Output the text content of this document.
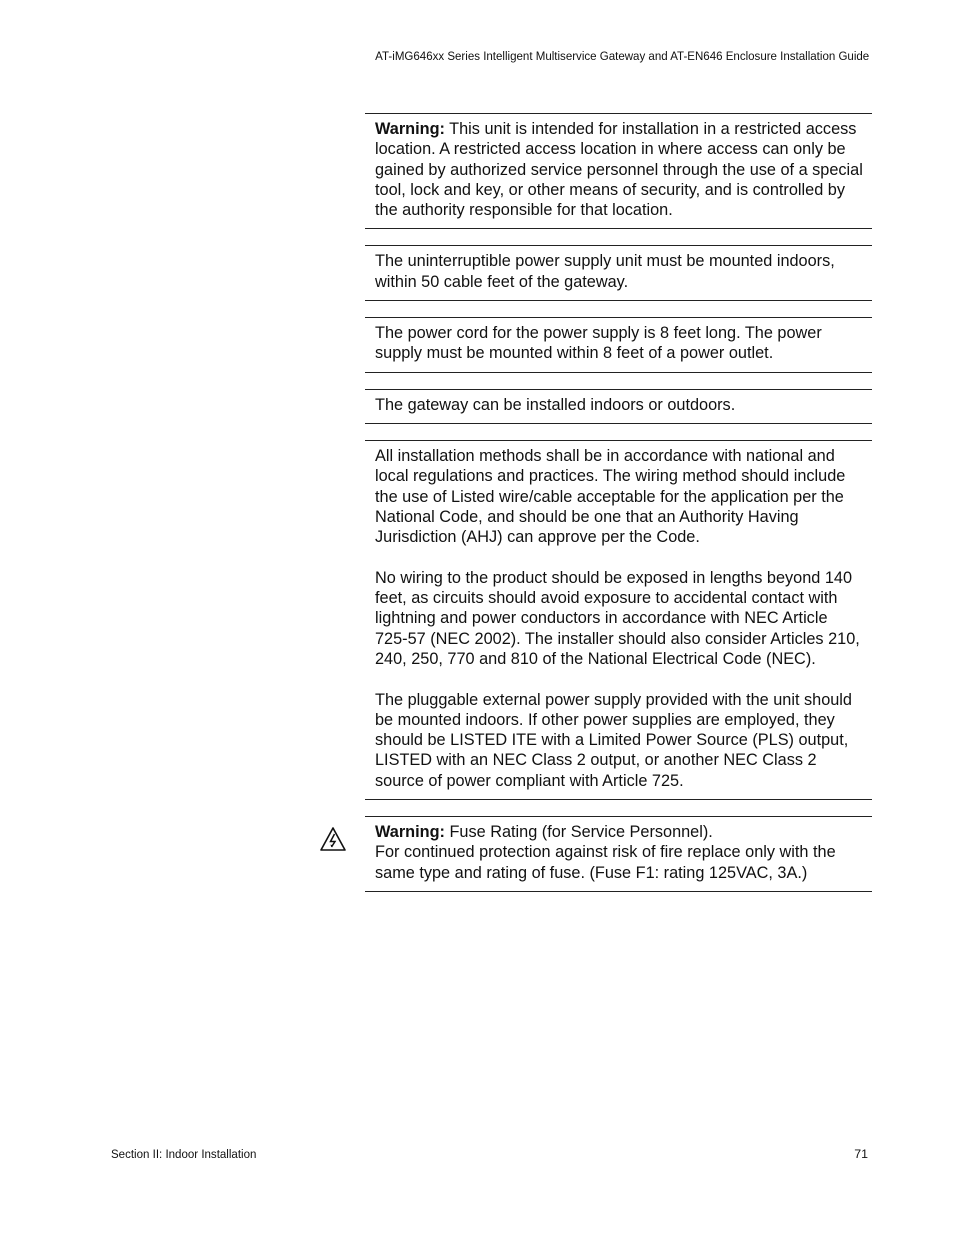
AT-iMG646xx Series Intelligent Multiservice Gateway and AT-EN646 Enclosure Installation Guide

Warning: This unit is intended for installation in a restricted access location. A restricted access location in where access can only be gained by authorized service personnel through the use of a special tool, lock and key, or other means of security, and is controlled by the authority responsible for that location.

The uninterruptible power supply unit must be mounted indoors, within 50 cable feet of the gateway.

The power cord for the power supply is 8 feet long. The power supply must be mounted within 8 feet of a power outlet.

The gateway can be installed indoors or outdoors.

All installation methods shall be in accordance with national and local regulations and practices. The wiring method should include the use of Listed wire/cable acceptable for the application per the National Code, and should be one that an Authority Having Jurisdiction (AHJ) can approve per the Code.

No wiring to the product should be exposed in lengths beyond 140 feet, as circuits should avoid exposure to accidental contact with lightning and power conductors in accordance with NEC Article 725-57 (NEC 2002). The installer should also consider Articles 210, 240, 250, 770 and 810 of the National Electrical Code (NEC).

The pluggable external power supply provided with the unit should be mounted indoors. If other power supplies are employed, they should be LISTED ITE with a Limited Power Source (PLS) output, LISTED with an NEC Class 2 output, or another NEC Class 2 source of power compliant with Article 725.

Warning: Fuse Rating (for Service Personnel).
For continued protection against risk of fire replace only with the same type and rating of fuse. (Fuse F1: rating 125VAC, 3A.)

Section II: Indoor Installation	71
